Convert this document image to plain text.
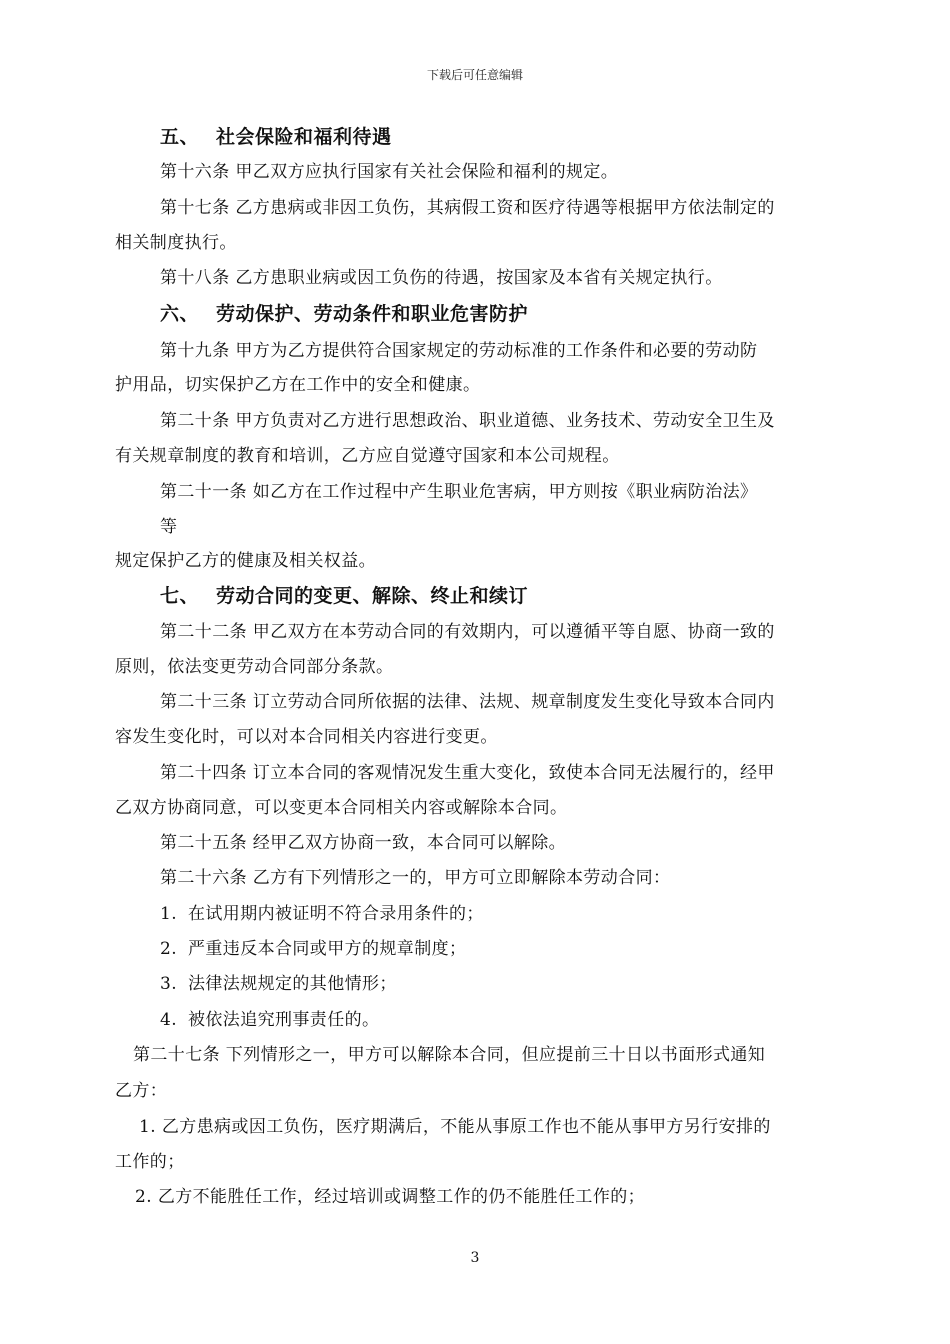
下载后可任意编辑
五、 社会保险和福利待遇
第十六条 甲乙双方应执行国家有关社会保险和福利的规定。
第十七条 乙方患病或非因工负伤，其病假工资和医疗待遇等根据甲方依法制定的
相关制度执行。
第十八条 乙方患职业病或因工负伤的待遇，按国家及本省有关规定执行。
六、 劳动保护、劳动条件和职业危害防护
第十九条 甲方为乙方提供符合国家规定的劳动标准的工作条件和必要的劳动防
护用品，切实保护乙方在工作中的安全和健康。
第二十条 甲方负责对乙方进行思想政治、职业道德、业务技术、劳动安全卫生及
有关规章制度的教育和培训，乙方应自觉遵守国家和本公司规程。
第二十一条 如乙方在工作过程中产生职业危害病，甲方则按《职业病防治法》
等
规定保护乙方的健康及相关权益。
七、 劳动合同的变更、解除、终止和续订
第二十二条 甲乙双方在本劳动合同的有效期内，可以遵循平等自愿、协商一致的
原则，依法变更劳动合同部分条款。
第二十三条 订立劳动合同所依据的法律、法规、规章制度发生变化导致本合同内
容发生变化时，可以对本合同相关内容进行变更。
第二十四条 订立本合同的客观情况发生重大变化，致使本合同无法履行的，经甲
乙双方协商同意，可以变更本合同相关内容或解除本合同。
第二十五条 经甲乙双方协商一致，本合同可以解除。
第二十六条 乙方有下列情形之一的，甲方可立即解除本劳动合同：
1. 在试用期内被证明不符合录用条件的；
2. 严重违反本合同或甲方的规章制度；
3. 法律法规规定的其他情形；
4. 被依法追究刑事责任的。
第二十七条 下列情形之一，甲方可以解除本合同，但应提前三十日以书面形式通知
乙方：
1. 乙方患病或因工负伤，医疗期满后，不能从事原工作也不能从事甲方另行安排的
工作的；
2. 乙方不能胜任工作，经过培训或调整工作的仍不能胜任工作的；
3
